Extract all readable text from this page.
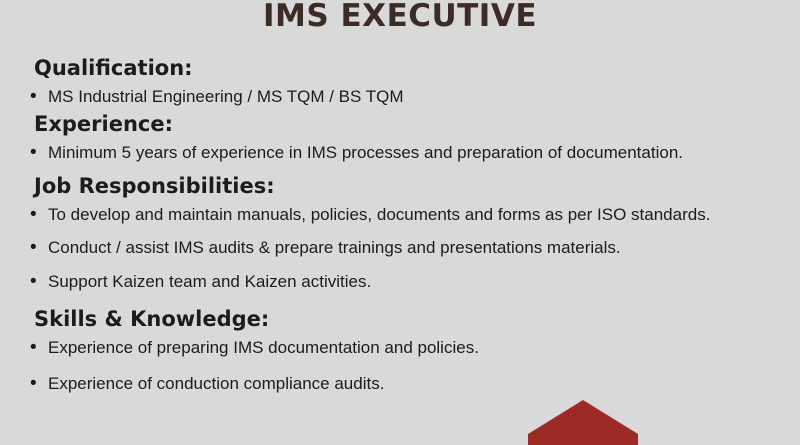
IMS EXECUTIVE
Qualification:
• MS Industrial Engineering / MS TQM / BS TQM
Experience:
• Minimum 5 years of experience in IMS processes and preparation of documentation.
Job Responsibilities:
• To develop and maintain manuals, policies, documents and forms as per ISO standards.
• Conduct / assist IMS audits & prepare trainings and presentations materials.
• Support Kaizen team and Kaizen activities.
Skills & Knowledge:
• Experience of preparing IMS documentation and policies.
• Experience of conduction compliance audits.
